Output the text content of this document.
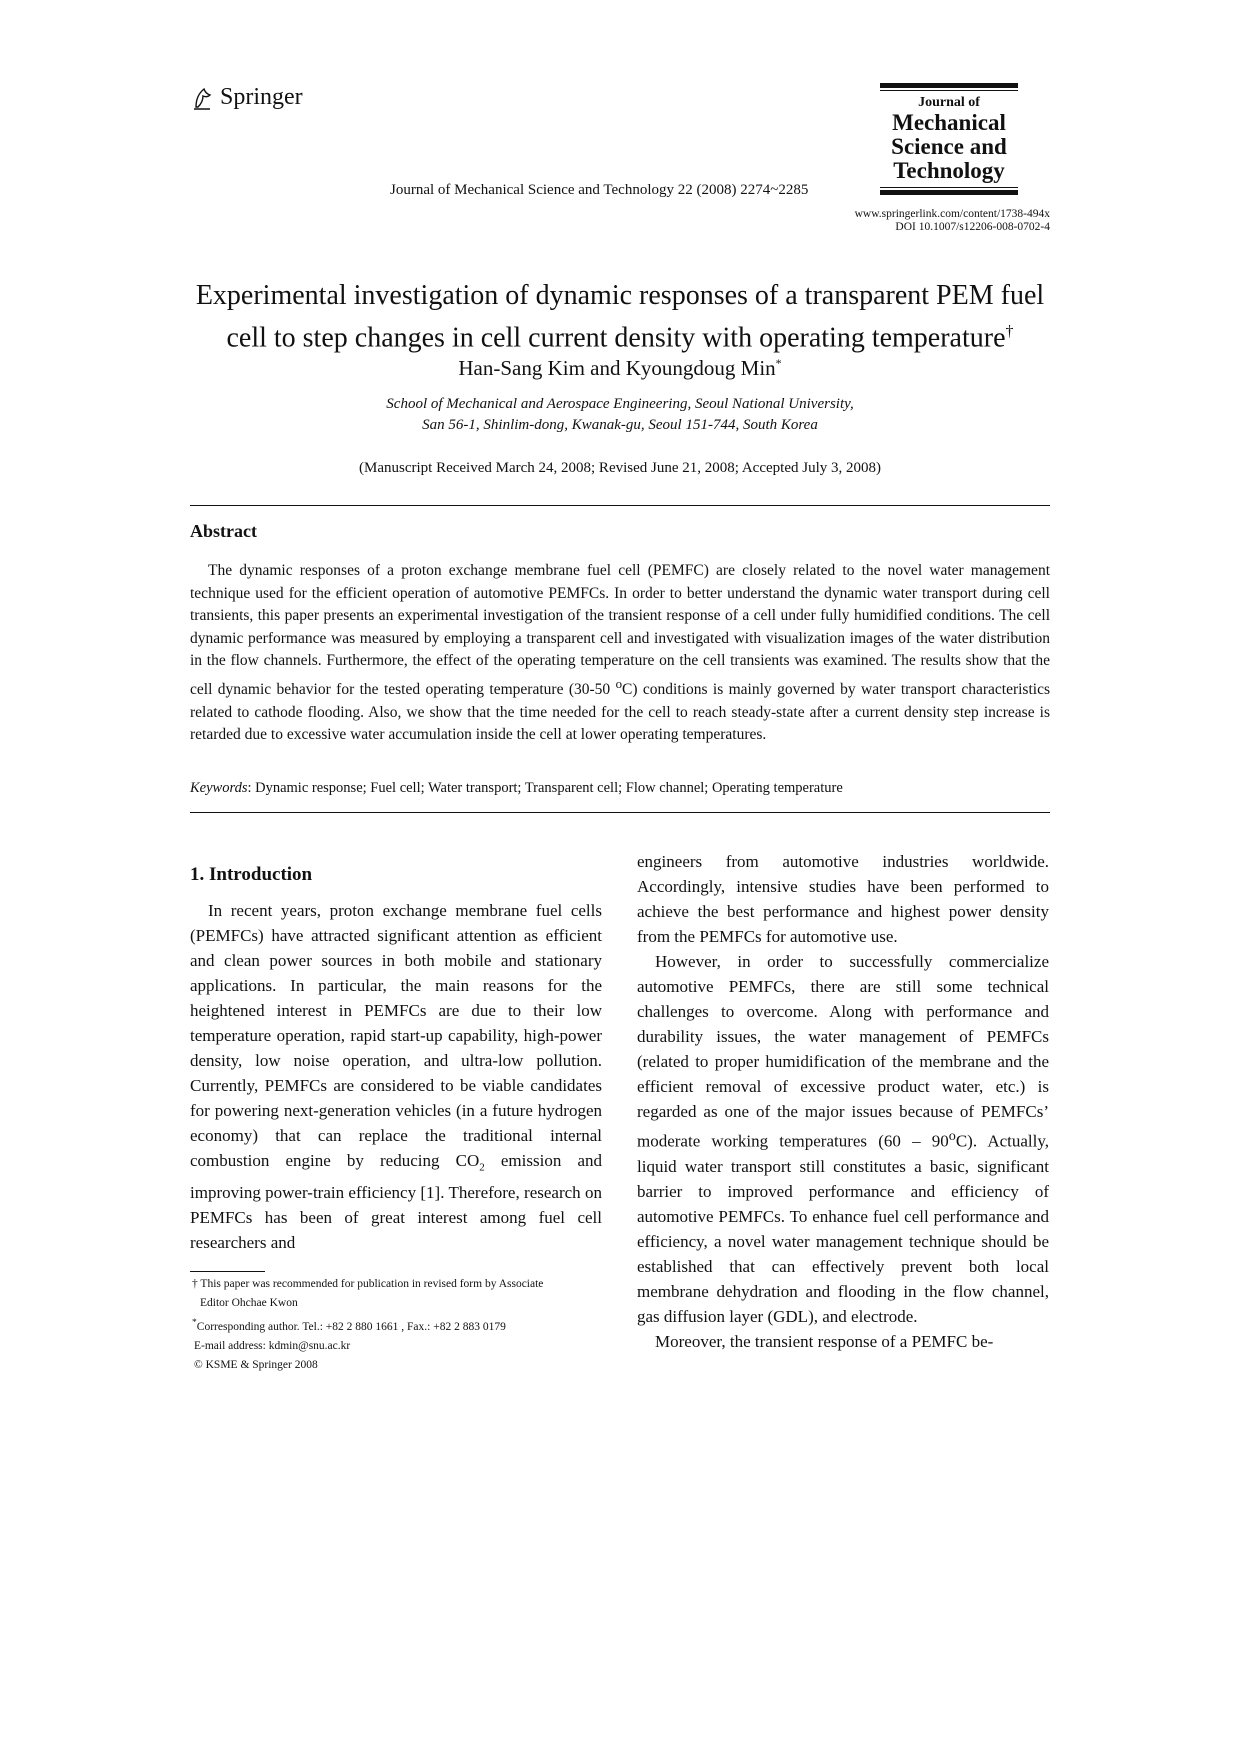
Springer	Journal of
Mechanical
Science and
Technology
Journal of Mechanical Science and Technology 22 (2008) 2274~2285
www.springerlink.com/content/1738-494x
DOI 10.1007/s12206-008-0702-4
Experimental investigation of dynamic responses of a transparent PEM fuel
cell to step changes in cell current density with operating temperature†
Han-Sang Kim and Kyoungdoug Min*
School of Mechanical and Aerospace Engineering, Seoul National University,
San 56-1, Shinlim-dong, Kwanak-gu, Seoul 151-744, South Korea
(Manuscript Received March 24, 2008; Revised June 21, 2008; Accepted July 3, 2008)
Abstract
The dynamic responses of a proton exchange membrane fuel cell (PEMFC) are closely related to the novel water management technique used for the efficient operation of automotive PEMFCs. In order to better understand the dynamic water transport during cell transients, this paper presents an experimental investigation of the transient response of a cell under fully humidified conditions. The cell dynamic performance was measured by employing a transparent cell and investigated with visualization images of the water distribution in the flow channels. Furthermore, the effect of the operating temperature on the cell transients was examined. The results show that the cell dynamic behavior for the tested operating temperature (30-50 $^o$C) conditions is mainly governed by water transport characteristics related to cathode flooding. Also, we show that the time needed for the cell to reach steady-state after a current density step increase is retarded due to excessive water accumulation inside the cell at lower operating temperatures.
Keywords: Dynamic response; Fuel cell; Water transport; Transparent cell; Flow channel; Operating temperature
1. Introduction

In recent years, proton exchange membrane fuel cells (PEMFCs) have attracted significant attention as efficient and clean power sources in both mobile and stationary applications. In particular, the main reasons for the heightened interest in PEMFCs are due to their low temperature operation, rapid start-up capability, high-power density, low noise operation, and ultra-low pollution. Currently, PEMFCs are considered to be viable candidates for powering next-generation vehicles (in a future hydrogen economy) that can replace the traditional internal combustion engine by reducing $CO_2$ emission and improving power-train efficiency [1]. Therefore, research on PEMFCs has been of great interest among fuel cell researchers and

engineers from automotive industries worldwide. Accordingly, intensive studies have been performed to achieve the best performance and highest power density from the PEMFCs for automotive use.

However, in order to successfully commercialize automotive PEMFCs, there are still some technical challenges to overcome. Along with performance and durability issues, the water management of PEMFCs (related to proper humidification of the membrane and the efficient removal of excessive product water, etc.) is regarded as one of the major issues because of PEMFCs’ moderate working temperatures (60 – 90$^o$C). Actually, liquid water transport still constitutes a basic, significant barrier to improved performance and efficiency of automotive PEMFCs. To enhance fuel cell performance and efficiency, a novel water management technique should be established that can effectively prevent both local membrane dehydration and flooding in the flow channel, gas diffusion layer (GDL), and electrode.

Moreover, the transient response of a PEMFC be-

† This paper was recommended for publication in revised form by Associate
Editor Ohchae Kwon
*Corresponding author. Tel.: +82 2 880 1661 , Fax.: +82 2 883 0179
E-mail address: kdmin@snu.ac.kr
© KSME & Springer 2008
